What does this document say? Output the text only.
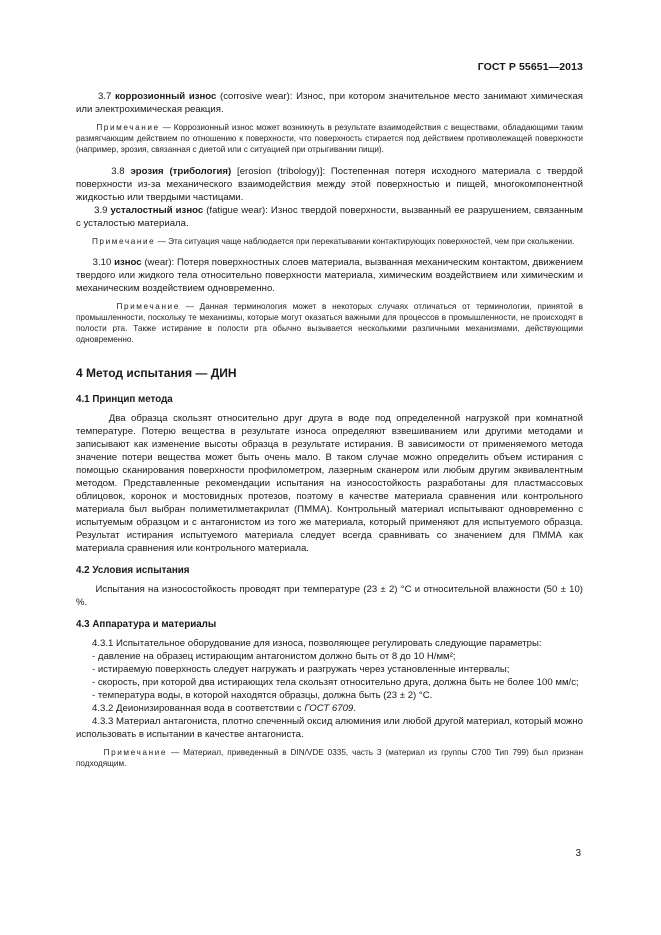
ГОСТ Р 55651—2013

3.7 коррозионный износ (corrosive wear): Износ, при котором значительное место занимают химическая или электрохимическая реакция.

Примечание — Коррозионный износ может возникнуть в результате взаимодействия с веществами, обладающими таким размягчающим действием по отношению к поверхности, что поверхность стирается под действием противолежащей поверхности (например, эрозия, связанная с диетой или с ситуацией при отрыгивании пищи).

3.8 эрозия (трибология) [erosion (tribology)]: Постепенная потеря исходного материала с твердой поверхности из-за механического взаимодействия между этой поверхностью и пищей, многокомпонентной жидкостью или твердыми частицами.

3.9 усталостный износ (fatigue wear): Износ твердой поверхности, вызванный ее разрушением, связанным с усталостью материала.

Примечание — Эта ситуация чаще наблюдается при перекатывании контактирующих поверхностей, чем при скольжении.

3.10 износ (wear): Потеря поверхностных слоев материала, вызванная механическим контактом, движением твердого или жидкого тела относительно поверхности материала, химическим воздействием или химическим и механическим воздействием одновременно.

Примечание — Данная терминология может в некоторых случаях отличаться от терминологии, принятой в промышленности, поскольку те механизмы, которые могут оказаться важными для процессов в промышленности, не происходят в полости рта. Также истирание в полости рта обычно вызывается несколькими различными механизмами, действующими одновременно.

4 Метод испытания — ДИН
4.1 Принцип метода

Два образца скользят относительно друг друга в воде под определенной нагрузкой при комнатной температуре. Потерю вещества в результате износа определяют взвешиванием или другими методами и записывают как изменение высоты образца в результате истирания. В зависимости от применяемого метода значение потери вещества может быть очень мало. В таком случае можно определить объем истирания с помощью сканирования поверхности профилометром, лазерным сканером или любым другим эквивалентным методом. Представленные рекомендации испытания на износостойкость разработаны для пластмассовых облицовок, коронок и мостовидных протезов, поэтому в качестве материала сравнения или контрольного материала был выбран полиметилметакрилат (ПММА). Контрольный материал испытывают одновременно с испытуемым образцом и с антагонистом из того же материала, который применяют для испытуемого образца. Результат истирания испытуемого материала следует всегда сравнивать со значением для ПММА как материала сравнения или контрольного материала.

4.2 Условия испытания

Испытания на износостойкость проводят при температуре (23 ± 2) °С и относительной влажности (50 ± 10) %.

4.3 Аппаратура и материалы

4.3.1 Испытательное оборудование для износа, позволяющее регулировать следующие параметры:

- давление на образец истирающим антагонистом должно быть от 8 до 10 Н/мм²;

- истираемую поверхность следует нагружать и разгружать через установленные интервалы;

- скорость, при которой два истирающих тела скользят относительно друга, должна быть не более 100 мм/с;

- температура воды, в которой находятся образцы, должна быть (23 ± 2) °С.

4.3.2 Деионизированная вода в соответствии с ГОСТ 6709.

4.3.3 Материал антагониста, плотно спеченный оксид алюминия или любой другой материал, который можно использовать в испытании в качестве антагониста.

Примечание — Материал, приведенный в DIN/VDE 0335, часть 3 (материал из группы С700 Тип 799) был признан подходящим.

3
